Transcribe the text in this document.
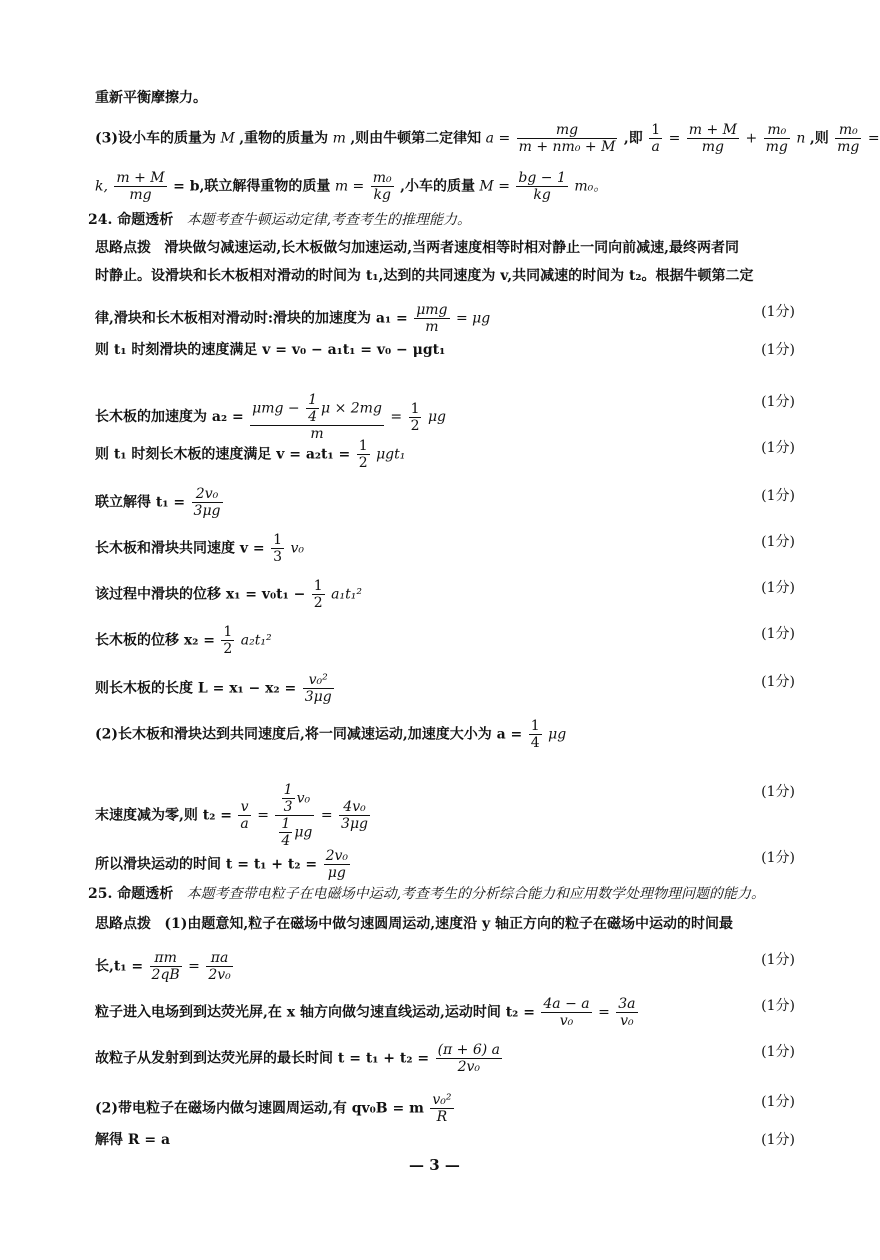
重新平衡摩擦力。
(3)设小车的质量为 M ,重物的质量为 m ,则由牛顿第二定律知 $a = \frac{mg}{\text{m + nm₀ + M}}$ ,即 $\frac{1}{a} = \frac{m + M}{mg} + \frac{\text{m₀}}{mg}$ n ,则 $\frac{\text{m₀}}{mg}$ =
k, $\frac{m + M}{mg} = b$,联立解得重物的质量 $m = \frac{\text{m₀}}{kg}$ ,小车的质量 $M = \frac{bg - 1}{kg} m_0$。
24. 命题透析 本题考查牛顿运动定律,考查考生的推理能力。
思路点拨 滑块做匀减速运动,长木板做匀加速运动,当两者速度相等时相对静止一同向前减速,最终两者同
时静止。设滑块和长木板相对滑动的时间为 t₁,达到的共同速度为 v,共同减速的时间为 t₂。根据牛顿第二定
律,滑块和长木板相对滑动时:滑块的加速度为 $a_1 = \frac{\text{μmg}}{m} = \mu g$	(1分)
则 t₁ 时刻滑块的速度满足 v = v₀ − a₁t₁ = v₀ − μgt₁	(1分)
长木板的加速度为 $a_2 = \frac{\mu mg - \frac{1}{4} \mu \times 2mg}{m} = \frac{1}{2}$ μg
(1分)
则 t₁ 时刻长木板的速度满足 $v = a_2t_1 = \frac{1}{2} \mu gt_1$	(1分)
联立解得 $t_1 = \frac{\text{2v₀}}{3\mu g}$	(1分)
长木板和滑块共同速度 $v = \frac{1}{3} v_0$	(1分)
该过程中滑块的位移 $x_1 = v_0t_1 - \frac{1}{2} a_1t_1^2$	(1分)
长木板的位移 $x_2 = \frac{1}{2} a_2t_1^2$	(1分)
则长木板的长度 $L = x_1 - x_2 = \frac{\text{v₀²}}{3\mu g}$	(1分)
(2)长木板和滑块达到共同速度后,将一同减速运动,加速度大小为 $a = \frac{1}{4}$ μg
末速度减为零,则 $t_2 = \frac{v}{a} = \frac{\frac{1}{3} v_0}{\frac{1}{4} \mu g} = \frac{\text{4v₀}}{3\mu g}$
(1分)
所以滑块运动的时间 $t = t_1 + t_2 = \frac{\text{2v₀}}{\mu g}$	(1分)
25. 命题透析 本题考查带电粒子在电磁场中运动,考查考生的分析综合能力和应用数学处理物理问题的能力。
思路点拨 (1)由题意知,粒子在磁场中做匀速圆周运动,速度沿 y 轴正方向的粒子在磁场中运动的时间最
长$,t_1 = \frac{\pi m}{2qB} = \frac{\pi a}{\text{2v₀}}$	(1分)
粒子进入电场到到达荧光屏,在 x 轴方向做匀速直线运动,运动时间 $t_2 = \frac{4a - a}{\text{v₀}} = \frac{3a}{\text{v₀}}$	(1分)
故粒子从发射到到达荧光屏的最长时间 $t = t_1 + t_2 = \frac{(\pi + 6) a}{\text{2v₀}}$	(1分)
(2)带电粒子在磁场内做匀速圆周运动,有 qv₀B = m $\frac{\text{v₀²}}{R}$	(1分)
解得 R = a	(1分)
— 3 —
